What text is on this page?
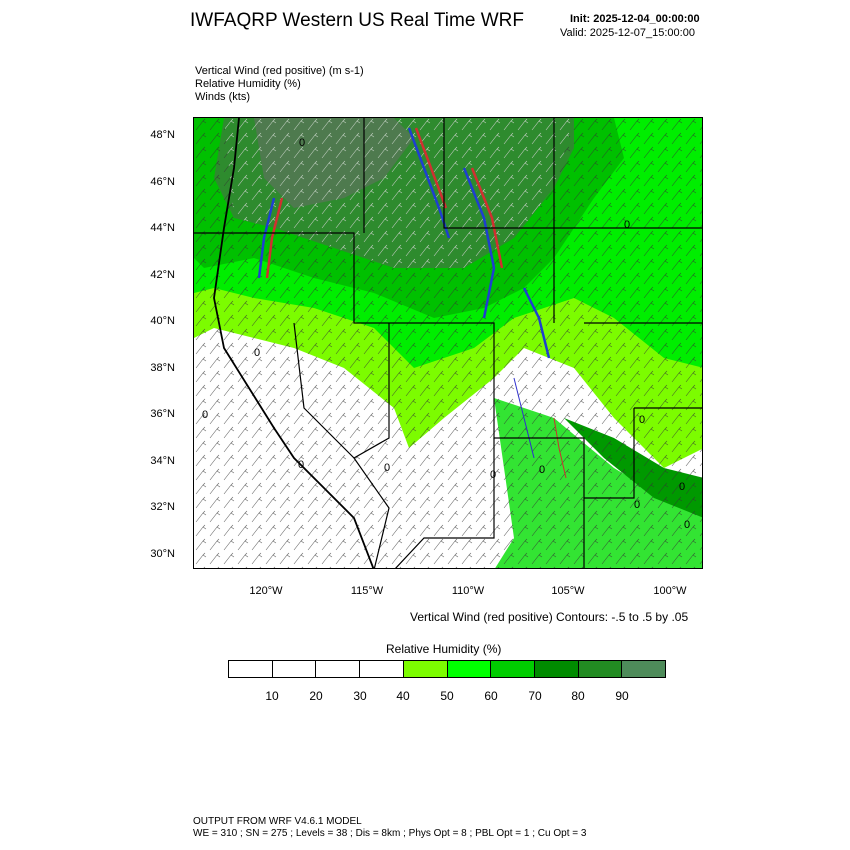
IWFAQRP Western US Real Time WRF	Init: 2025-12-04_00:00:00
Valid: 2025-12-07_15:00:00
Vertical Wind (red positive) (m s-1)
Relative Humidity (%)
Winds (kts)
0
0
0
0	0
0	0
0
0
0
0
0
48°N
46°N
44°N
42°N
40°N
38°N
36°N
34°N
32°N
30°N
120°W	115°W	110°W	105°W	100°W
Vertical Wind (red positive) Contours: -.5 to .5 by .05
Relative Humidity (%)
10	20	30	40	50	60	70	80	90
OUTPUT FROM WRF V4.6.1 MODEL
WE = 310 ; SN = 275 ; Levels = 38 ; Dis = 8km ; Phys Opt = 8 ; PBL Opt = 1 ; Cu Opt = 3
